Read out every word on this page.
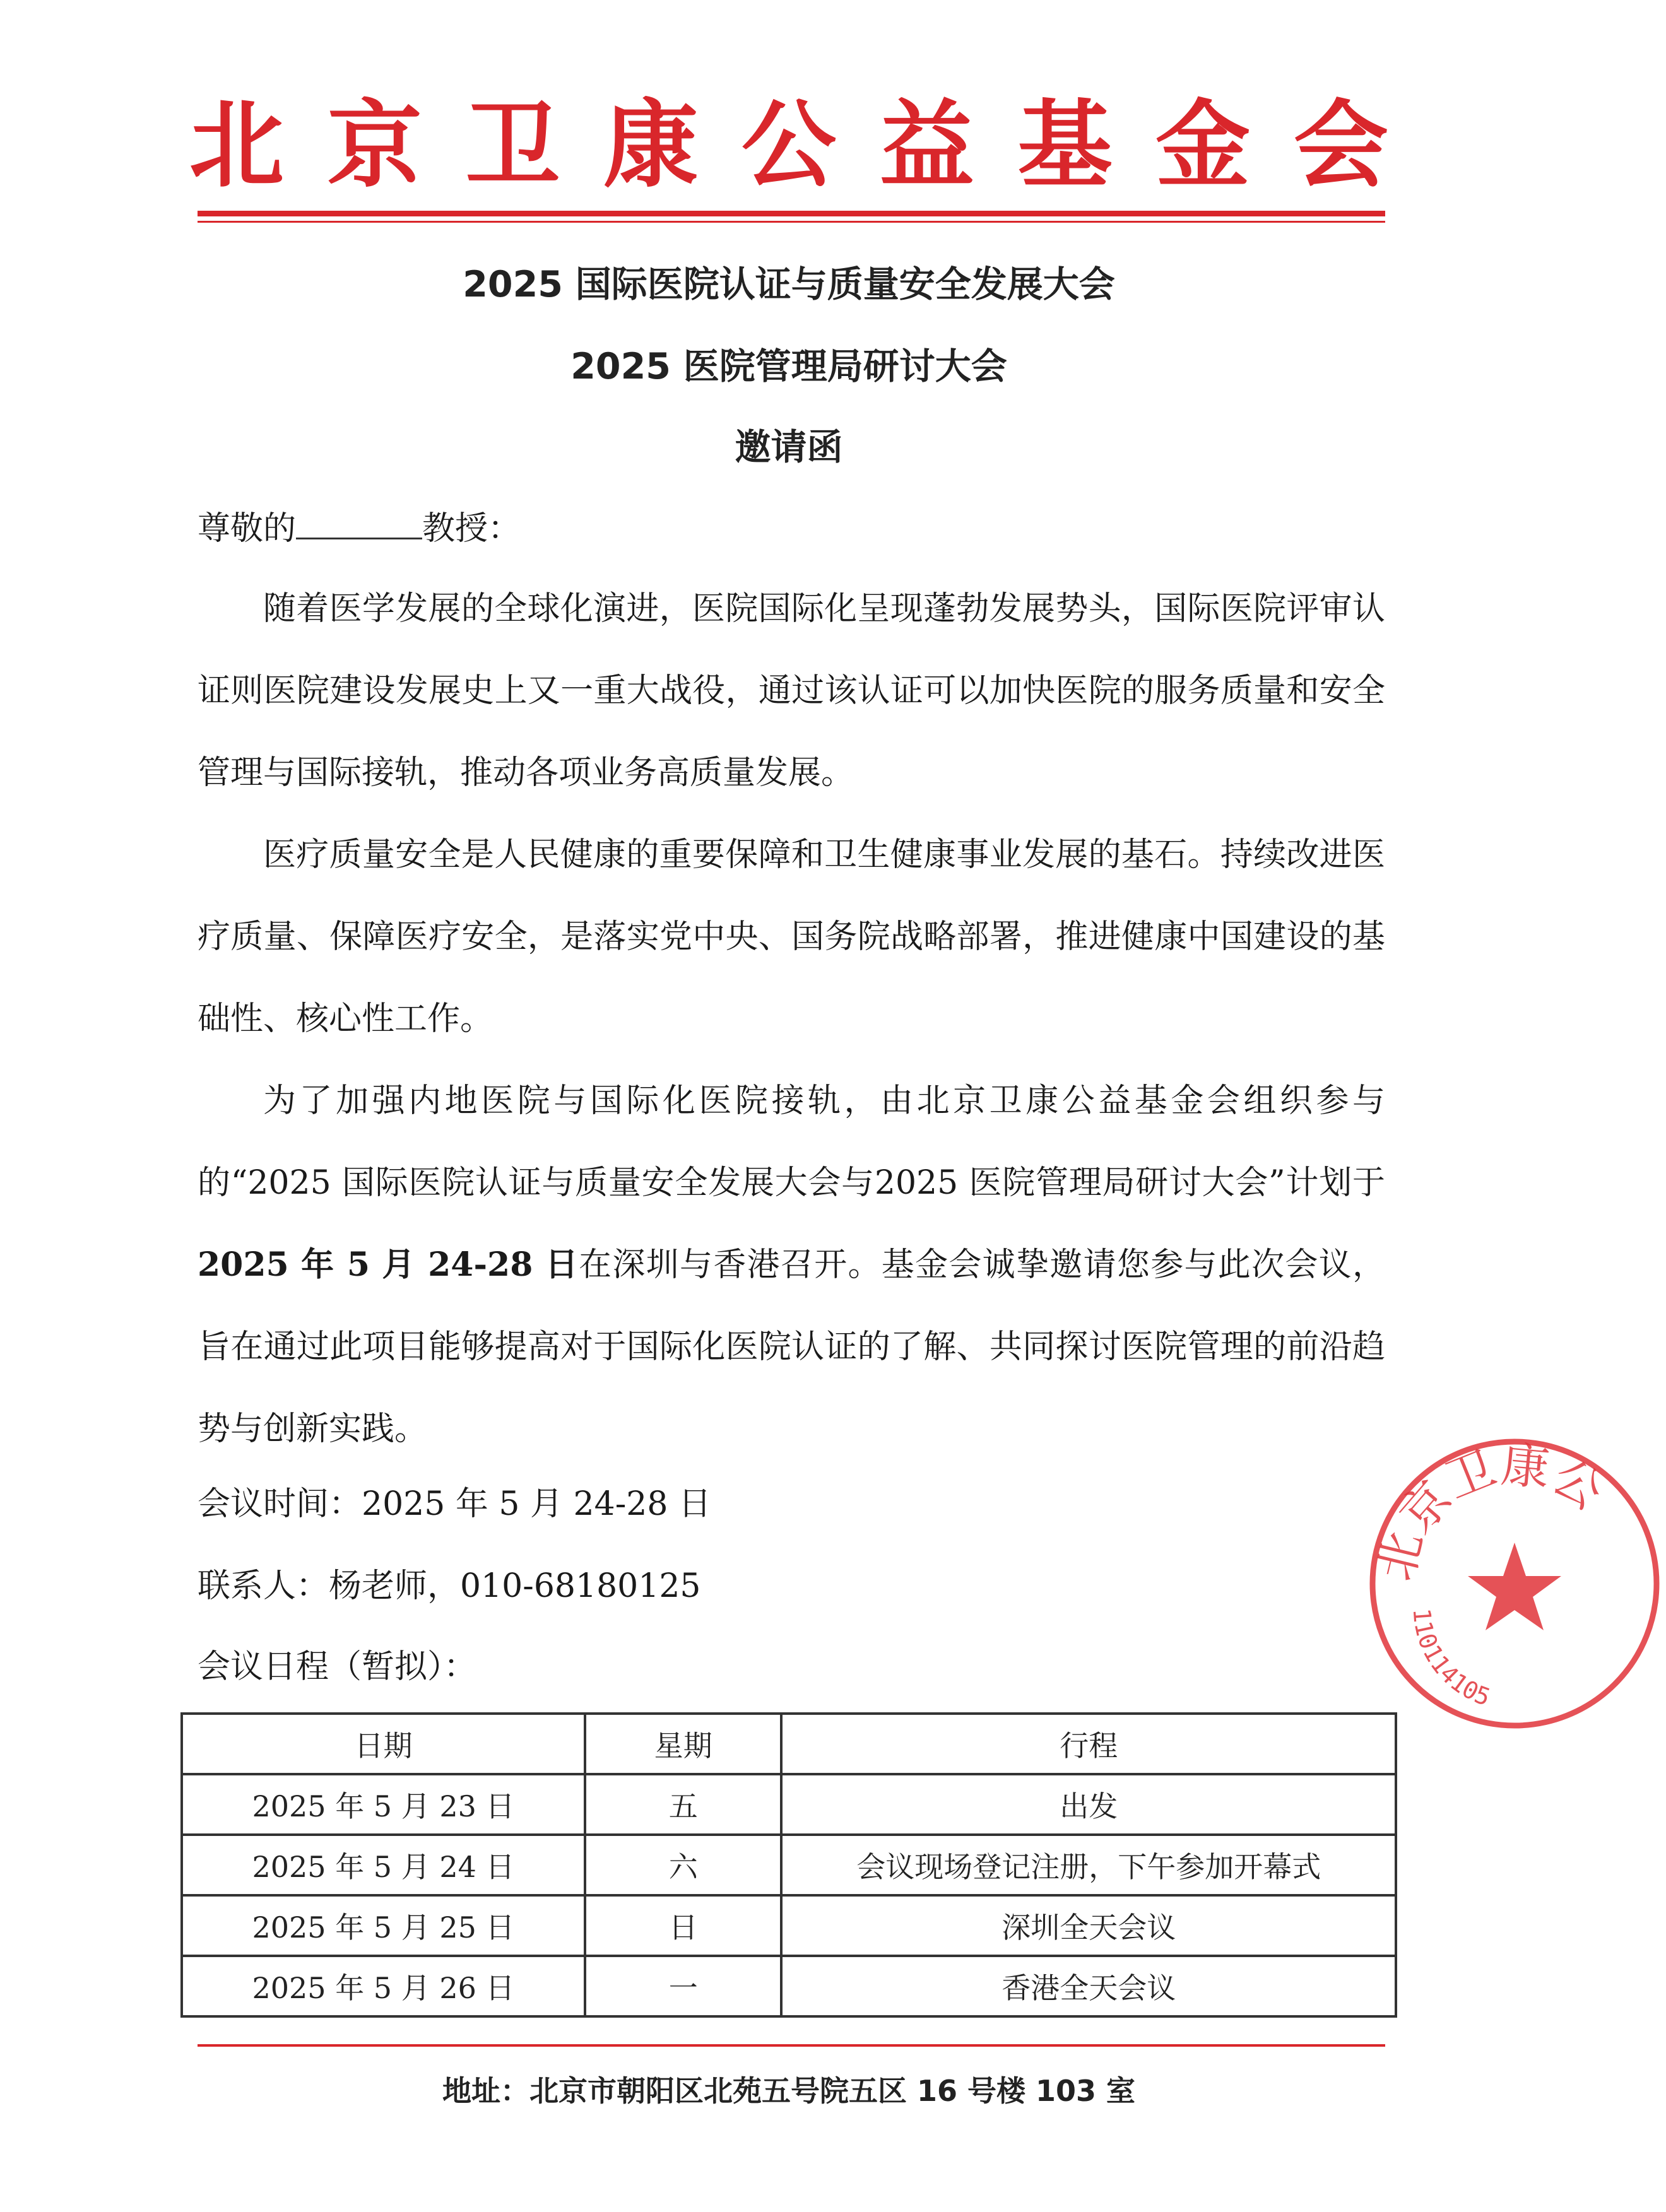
北 京 卫 康 公 益 基 金 会
2025 国际医院认证与质量安全发展大会
2025 医院管理局研讨大会
邀请函
尊敬的	教授：
随着医学发展的全球化演进，医院国际化呈现蓬勃发展势头，国际医院评审认证则医院建设发展史上又一重大战役，通过该认证可以加快医院的服务质量和安全管理与国际接轨，推动各项业务高质量发展。
医疗质量安全是人民健康的重要保障和卫生健康事业发展的基石。持续改进医疗质量、保障医疗安全，是落实党中央、国务院战略部署，推进健康中国建设的基础性、核心性工作。
为了加强内地医院与国际化医院接轨，由北京卫康公益基金会组织参与的“2025 国际医院认证与质量安全发展大会与2025 医院管理局研讨大会”计划于2025 年 5 月 24-28 日在深圳与香港召开。基金会诚挚邀请您参与此次会议，旨在通过此项目能够提高对于国际化医院认证的了解、共同探讨医院管理的前沿趋势与创新实践。
会议时间：2025 年 5 月 24-28 日
联系人：杨老师，010-68180125
会议日程（暂拟）：
日期	星期	行程
2025 年 5 月 23 日	五	出发
2025 年 5 月 24 日	六	会议现场登记注册，下午参加开幕式
2025 年 5 月 25 日	日	深圳全天会议
2025 年 5 月 26 日	一	香港全天会议
地址：北京市朝阳区北苑五号院五区 16 号楼 103 室
北京卫康公
110114105
